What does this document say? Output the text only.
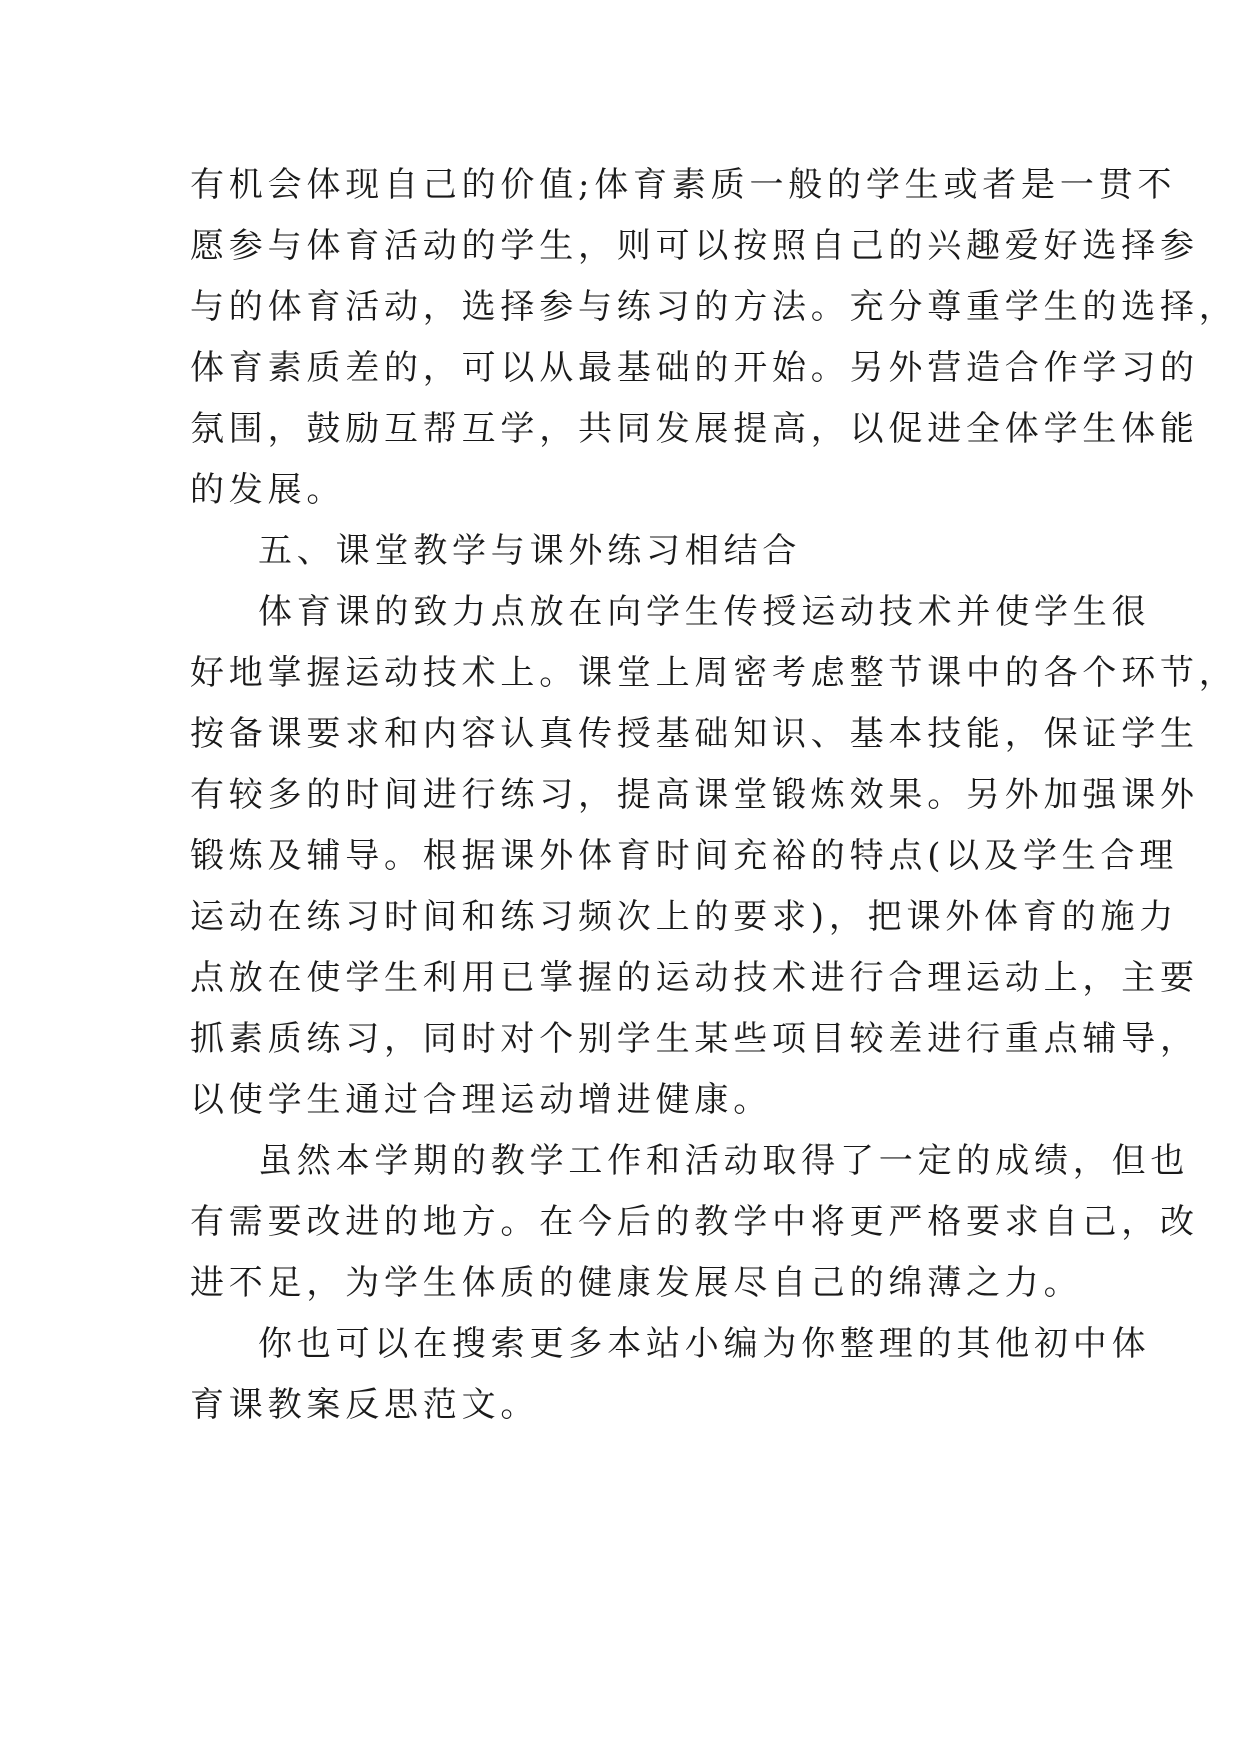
有机会体现自己的价值;体育素质一般的学生或者是一贯不
愿参与体育活动的学生，则可以按照自己的兴趣爱好选择参
与的体育活动，选择参与练习的方法。充分尊重学生的选择，
体育素质差的，可以从最基础的开始。另外营造合作学习的
氛围，鼓励互帮互学，共同发展提高，以促进全体学生体能
的发展。
五、课堂教学与课外练习相结合
体育课的致力点放在向学生传授运动技术并使学生很
好地掌握运动技术上。课堂上周密考虑整节课中的各个环节，
按备课要求和内容认真传授基础知识、基本技能，保证学生
有较多的时间进行练习，提高课堂锻炼效果。另外加强课外
锻炼及辅导。根据课外体育时间充裕的特点(以及学生合理
运动在练习时间和练习频次上的要求)，把课外体育的施力
点放在使学生利用已掌握的运动技术进行合理运动上，主要
抓素质练习，同时对个别学生某些项目较差进行重点辅导，
以使学生通过合理运动增进健康。
虽然本学期的教学工作和活动取得了一定的成绩，但也
有需要改进的地方。在今后的教学中将更严格要求自己，改
进不足，为学生体质的健康发展尽自己的绵薄之力。
你也可以在搜索更多本站小编为你整理的其他初中体
育课教案反思范文。
